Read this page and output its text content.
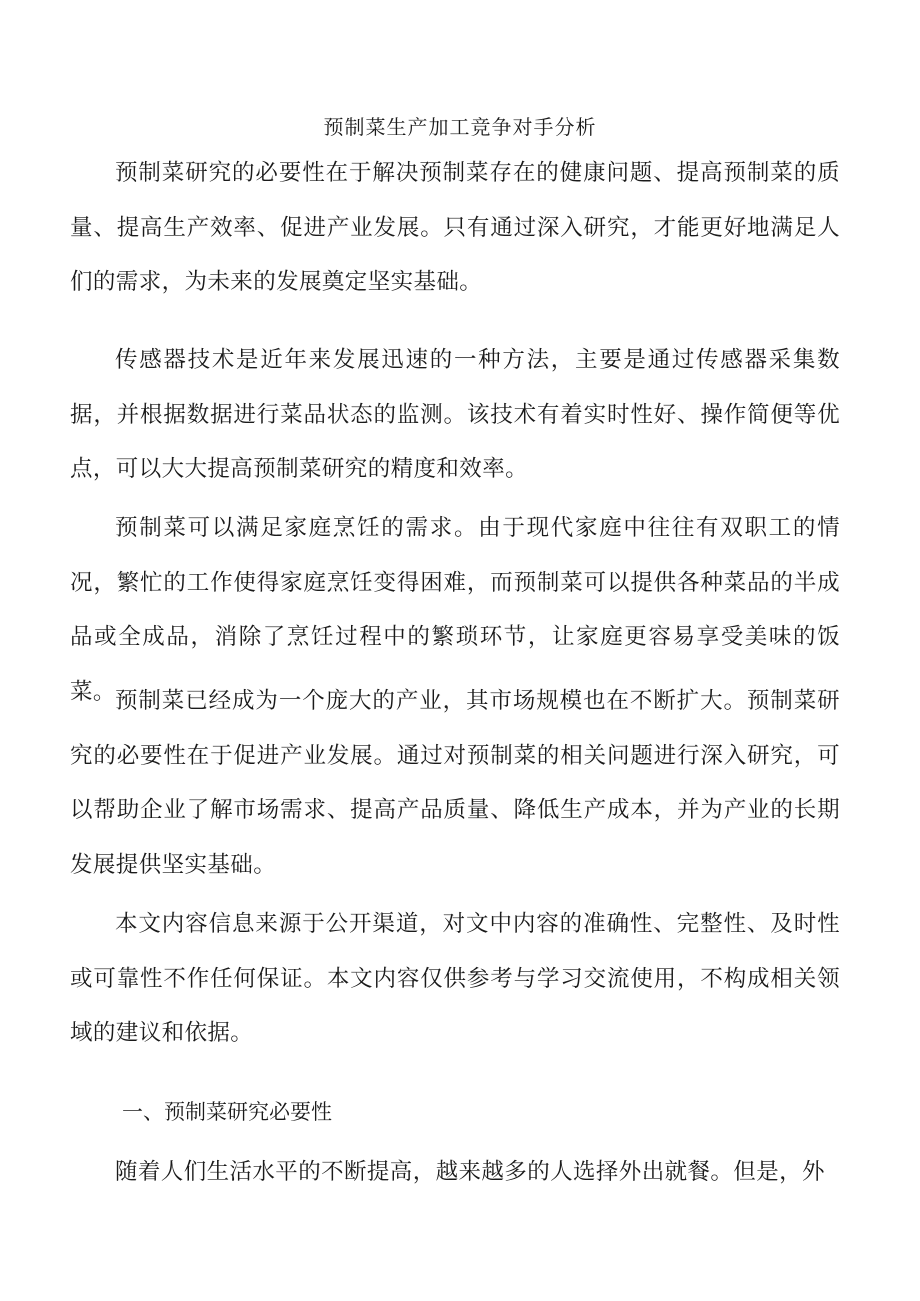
预制菜生产加工竞争对手分析

预制菜研究的必要性在于解决预制菜存在的健康问题、提高预制菜的质量、提高生产效率、促进产业发展。只有通过深入研究，才能更好地满足人们的需求，为未来的发展奠定坚实基础。

传感器技术是近年来发展迅速的一种方法，主要是通过传感器采集数据，并根据数据进行菜品状态的监测。该技术有着实时性好、操作简便等优点，可以大大提高预制菜研究的精度和效率。

预制菜可以满足家庭烹饪的需求。由于现代家庭中往往有双职工的情况，繁忙的工作使得家庭烹饪变得困难，而预制菜可以提供各种菜品的半成品或全成品，消除了烹饪过程中的繁琐环节，让家庭更容易享受美味的饭菜。 预制菜已经成为一个庞大的产业，其市场规模也在不断扩大。预制菜研究的必要性在于促进产业发展。通过对预制菜的相关问题进行深入研究，可以帮助企业了解市场需求、提高产品质量、降低生产成本，并为产业的长期发展提供坚实基础。

本文内容信息来源于公开渠道，对文中内容的准确性、完整性、及时性或可靠性不作任何保证。本文内容仅供参考与学习交流使用，不构成相关领域的建议和依据。

一、预制菜研究必要性

随着人们生活水平的不断提高，越来越多的人选择外出就餐。但是，外
